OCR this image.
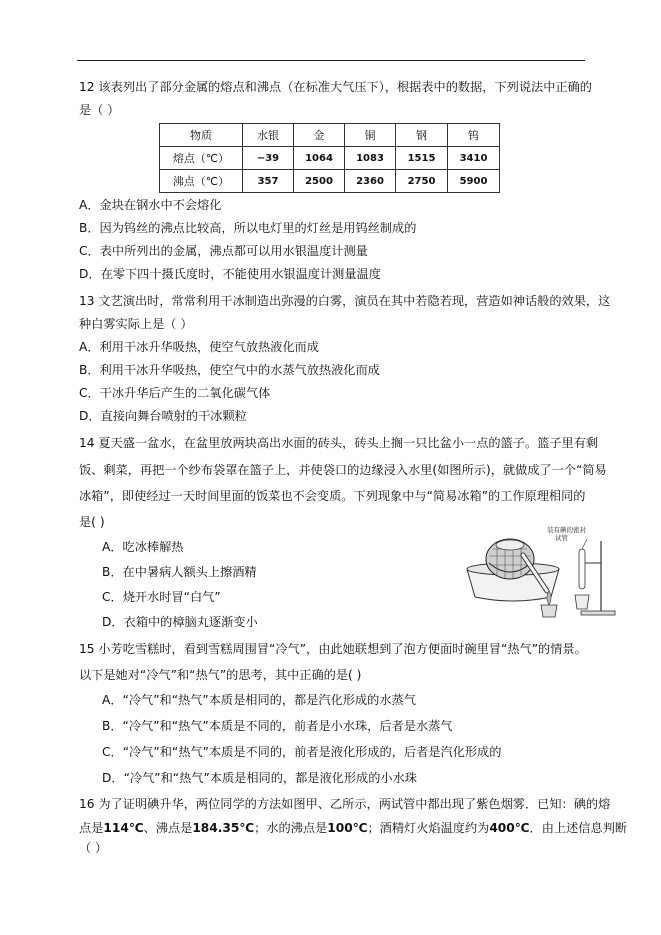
12 该表列出了部分金属的熔点和沸点（在标准大气压下），根据表中的数据，下列说法中正确的
是（ ）
物质	水银	金	铜	钢	钨
熔点（℃）	−39	1064	1083	1515	3410
沸点（℃）	357	2500	2360	2750	5900
A．金块在钢水中不会熔化
B．因为钨丝的沸点比较高，所以电灯里的灯丝是用钨丝制成的
C．表中所列出的金属，沸点都可以用水银温度计测量
D．在零下四十摄氏度时，不能使用水银温度计测量温度
13 文艺演出时，常常利用干冰制造出弥漫的白雾，演员在其中若隐若现，营造如神话般的效果，这
种白雾实际上是（ ）
A．利用干冰升华吸热，使空气放热液化而成
B．利用干冰升华吸热，使空气中的水蒸气放热液化而成
C．干冰升华后产生的二氧化碳气体
D．直接向舞台喷射的干冰颗粒
14 夏天盛一盆水，在盆里放两块高出水面的砖头，砖头上搁一只比盆小一点的篮子。篮子里有剩
饭、剩菜，再把一个纱布袋罩在篮子上，并使袋口的边缘浸入水里(如图所示)，就做成了一个“简易
冰箱”，即使经过一天时间里面的饭菜也不会变质。下列现象中与“简易冰箱”的工作原理相同的
是( )
A．吃冰棒解热
B．在中暑病人额头上擦酒精
C．烧开水时冒“白气”
D．衣箱中的樟脑丸逐渐变小
装有碘的密封
试管
15 小芳吃雪糕时，看到雪糕周围冒“冷气”，由此她联想到了泡方便面时碗里冒“热气”的情景。
以下是她对“冷气”和“热气”的思考，其中正确的是( )
A．“冷气”和“热气”本质是相同的，都是汽化形成的水蒸气
B．“冷气”和“热气”本质是不同的，前者是小水珠，后者是水蒸气
C．“冷气”和“热气”本质是不同的，前者是液化形成的，后者是汽化形成的
D．“冷气”和“热气”本质是相同的，都是液化形成的小水珠
16 为了证明碘升华，两位同学的方法如图甲、乙所示，两试管中都出现了紫色烟雾．已知：碘的熔
点是114℃、沸点是184.35℃；水的沸点是100℃；酒精灯火焰温度约为400℃．由上述信息判断
（ ）
